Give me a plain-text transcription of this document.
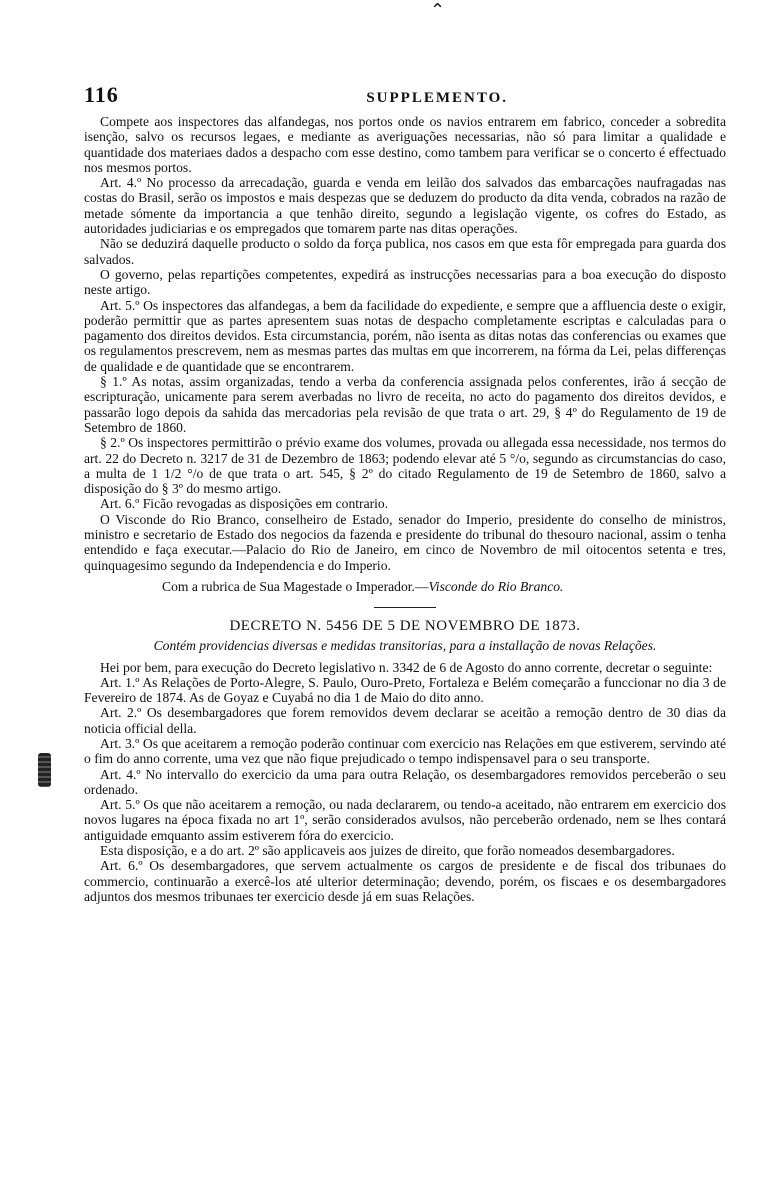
⌃
116	SUPPLEMENTO.

Compete aos inspectores das alfandegas, nos portos onde os navios entrarem em fabrico, conceder a sobredita isenção, salvo os recursos legaes, e mediante as averiguações necessarias, não só para limitar a qualidade e quantidade dos materiaes dados a despacho com esse destino, como tambem para verificar se o concerto é effectuado nos mesmos portos.

Art. 4.º No processo da arrecadação, guarda e venda em leilão dos salvados das embarcações naufragadas nas costas do Brasil, serão os impostos e mais despezas que se deduzem do producto da dita venda, cobrados na razão de metade sómente da importancia a que tenhão direito, segundo a legislação vigente, os cofres do Estado, as autoridades judiciarias e os empregados que tomarem parte nas ditas operações.

Não se deduzirá daquelle producto o soldo da força publica, nos casos em que esta fôr empregada para guarda dos salvados.

O governo, pelas repartições competentes, expedirá as instrucções necessarias para a boa execução do disposto neste artigo.

Art. 5.º Os inspectores das alfandegas, a bem da facilidade do expediente, e sempre que a affluencia deste o exigir, poderão permittir que as partes apresentem suas notas de despacho completamente escriptas e calculadas para o pagamento dos direitos devidos. Esta circumstancia, porém, não isenta as ditas notas das conferencias ou exames que os regulamentos prescrevem, nem as mesmas partes das multas em que incorrerem, na fórma da Lei, pelas differenças de qualidade e de quantidade que se encontrarem.

§ 1.º As notas, assim organizadas, tendo a verba da conferencia assignada pelos conferentes, irão á secção de escripturação, unicamente para serem averbadas no livro de receita, no acto do pagamento dos direitos devidos, e passarão logo depois da sahida das mercadorias pela revisão de que trata o art. 29, § 4º do Regulamento de 19 de Setembro de 1860.

§ 2.º Os inspectores permittirão o prévio exame dos volumes, provada ou allegada essa necessidade, nos termos do art. 22 do Decreto n. 3217 de 31 de Dezembro de 1863; podendo elevar até 5 °/o, segundo as circumstancias do caso, a multa de 1 1/2 °/o de que trata o art. 545, § 2º do citado Regulamento de 19 de Setembro de 1860, salvo a disposição do § 3º do mesmo artigo.

Art. 6.º Ficão revogadas as disposições em contrario.

O Visconde do Rio Branco, conselheiro de Estado, senador do Imperio, presidente do conselho de ministros, ministro e secretario de Estado dos negocios da fazenda e presidente do tribunal do thesouro nacional, assim o tenha entendido e faça executar.—Palacio do Rio de Janeiro, em cinco de Novembro de mil oitocentos setenta e tres, quinquagesimo segundo da Independencia e do Imperio.

Com a rubrica de Sua Magestade o Imperador.—Visconde do Rio Branco.

DECRETO N. 5456 DE 5 DE NOVEMBRO DE 1873.

Contém providencias diversas e medidas transitorias, para a installação de novas Relações.

Hei por bem, para execução do Decreto legislativo n. 3342 de 6 de Agosto do anno corrente, decretar o seguinte:

Art. 1.º As Relações de Porto-Alegre, S. Paulo, Ouro-Preto, Fortaleza e Belém começarão a funccionar no dia 3 de Fevereiro de 1874. As de Goyaz e Cuyabá no dia 1 de Maio do dito anno.

Art. 2.º Os desembargadores que forem removidos devem declarar se aceitão a remoção dentro de 30 dias da noticia official della.

Art. 3.º Os que aceitarem a remoção poderão continuar com exercicio nas Relações em que estiverem, servindo até o fim do anno corrente, uma vez que não fique prejudicado o tempo indispensavel para o seu transporte.

Art. 4.º No intervallo do exercicio da uma para outra Relação, os desembargadores removidos perceberão o seu ordenado.

Art. 5.º Os que não aceitarem a remoção, ou nada declararem, ou tendo-a aceitado, não entrarem em exercicio dos novos lugares na época fixada no art 1º, serão considerados avulsos, não perceberão ordenado, nem se lhes contará antiguidade emquanto assim estiverem fóra do exercicio.

Esta disposição, e a do art. 2º são applicaveis aos juizes de direito, que forão nomeados desembargadores.

Art. 6.º Os desembargadores, que servem actualmente os cargos de presidente e de fiscal dos tribunaes do commercio, continuarão a exercê-los até ulterior determinação; devendo, porém, os fiscaes e os desembargadores adjuntos dos mesmos tribunaes ter exercicio desde já em suas Relações.
